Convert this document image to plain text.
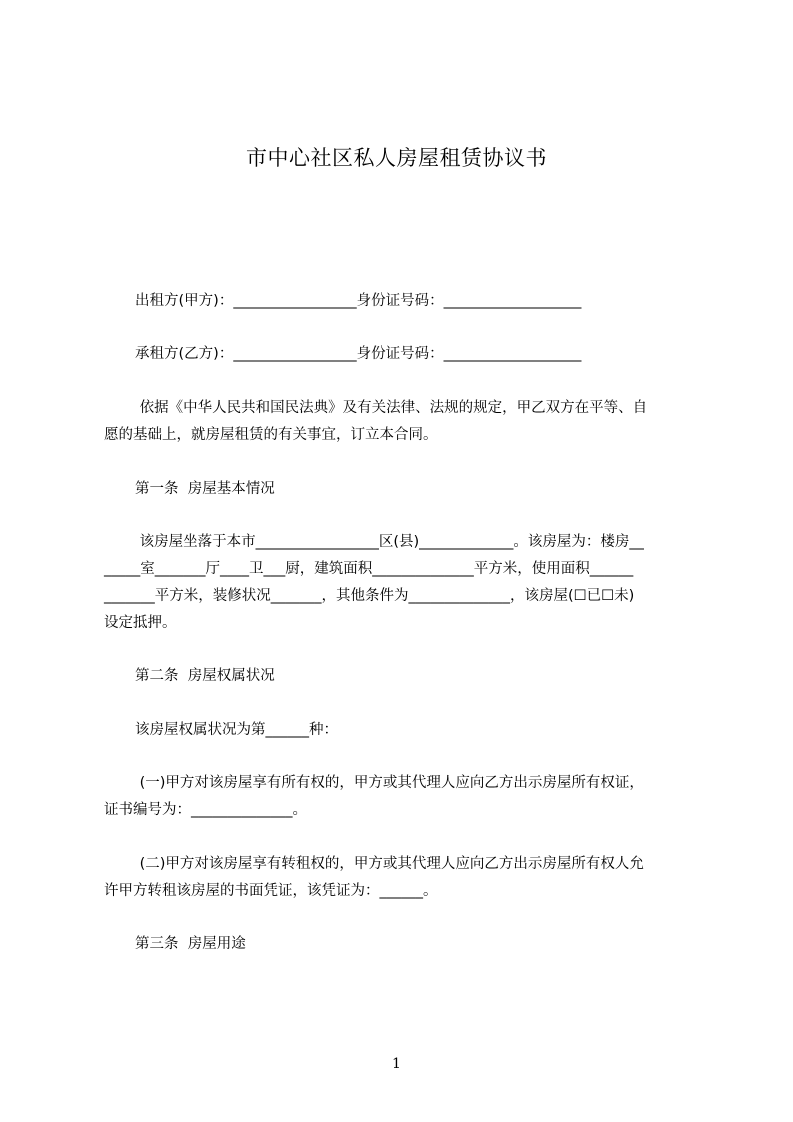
市中心社区私人房屋租赁协议书
出租方(甲方)：_________________身份证号码：___________________
承租方(乙方)：_________________身份证号码：___________________
依据《中华人民共和国民法典》及有关法律、法规的规定，甲乙双方在平等、自
愿的基础上，就房屋租赁的有关事宜，订立本合同。
第一条  房屋基本情况
该房屋坐落于本市_________________区(县)_____________。该房屋为：楼房__
_____室_______厅____卫___厨，建筑面积______________平方米，使用面积______
_______平方米，装修状况_______，其他条件为______________，该房屋(☐已☐未)
设定抵押。
第二条  房屋权属状况
该房屋权属状况为第______种：
(一)甲方对该房屋享有所有权的，甲方或其代理人应向乙方出示房屋所有权证，
证书编号为：______________。
(二)甲方对该房屋享有转租权的，甲方或其代理人应向乙方出示房屋所有权人允
许甲方转租该房屋的书面凭证，该凭证为：______。
第三条  房屋用途
1
